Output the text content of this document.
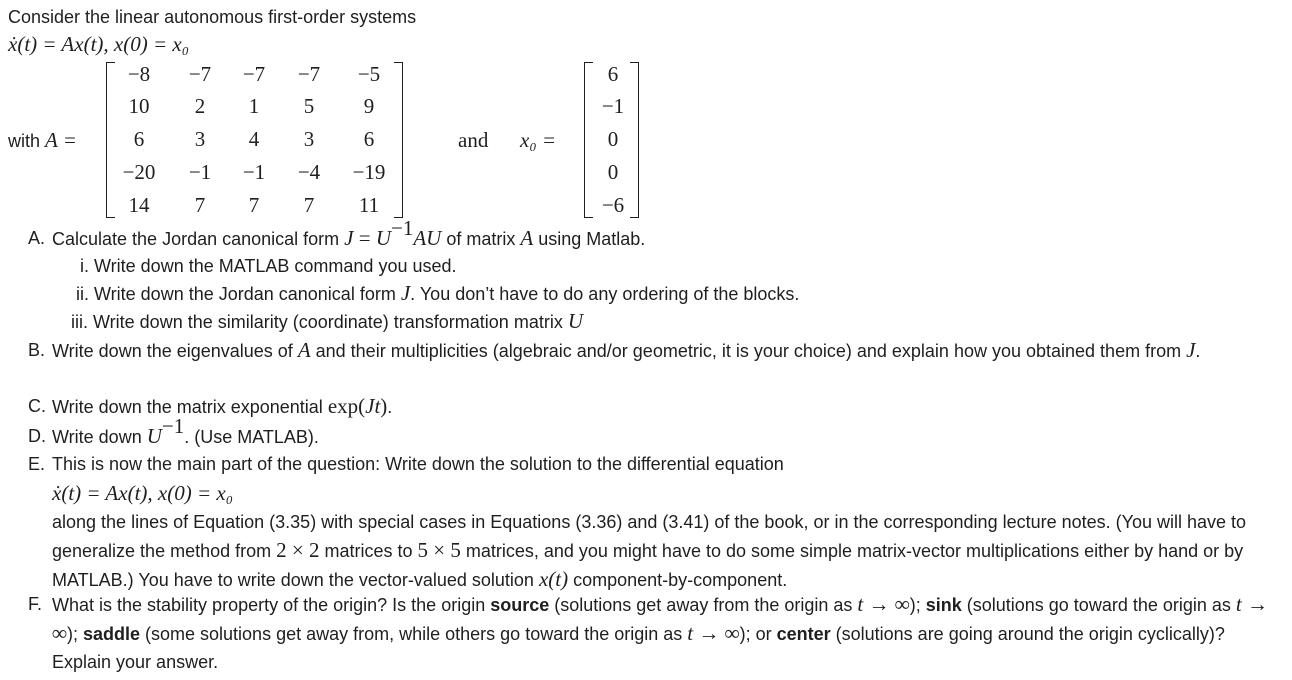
Consider the linear autonomous first-order systems
ẋ(t) = Ax(t), x(0) = x₀
with A =
−8	−7	−7	−7	−5
10	2	1	5	9
6	3	4	3	6
−20	−1	−1	−4	−19
14	7	7	7	11
and x₀ =
6
−1
0
0
−6
A. Calculate the Jordan canonical form $J = U^{-1}AU$ of matrix A using Matlab.
i. Write down the MATLAB command you used.
ii. Write down the Jordan canonical form J. You don’t have to do any ordering of the blocks.
iii. Write down the similarity (coordinate) transformation matrix U
B. Write down the eigenvalues of A and their multiplicities (algebraic and/or geometric, it is your choice) and explain how you obtained them from J.
C. Write down the matrix exponential exp(Jt).
D. Write down $U^{-1}$. (Use MATLAB).
E. This is now the main part of the question: Write down the solution to the differential equation
ẋ(t) = Ax(t), x(0) = x₀
along the lines of Equation (3.35) with special cases in Equations (3.36) and (3.41) of the book, or in the corresponding lecture notes. (You will have to generalize the method from 2 × 2 matrices to 5 × 5 matrices, and you might have to do some simple matrix-vector multiplications either by hand or by MATLAB.) You have to write down the vector-valued solution x(t) component-by-component.
F. What is the stability property of the origin? Is the origin source (solutions get away from the origin as t → ∞); sink (solutions go toward the origin as t → ∞); saddle (some solutions get away from, while others go toward the origin as t → ∞); or center (solutions are going around the origin cyclically)? Explain your answer.
